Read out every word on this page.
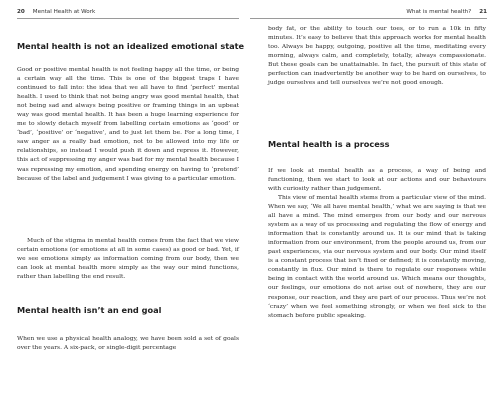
20 Mental Health at Work
Mental health is not an idealized emotional state

Good or positive mental health is not feeling happy all the time, or being a certain way all the time. This is one of the biggest traps I have continued to fall into: the idea that we all have to find ‘perfect’ mental health. I used to think that not being angry was good mental health, that not being sad and always being positive or framing things in an upbeat way was good mental health. It has been a huge learning experience for me to slowly detach myself from labelling certain emotions as ‘good’ or ‘bad’, ‘positive’ or ‘negative’, and to just let them be. For a long time, I saw anger as a really bad emotion, not to be allowed into my life or relationships, so instead I would push it down and repress it. However, this act of suppressing my anger was bad for my mental health because I was repressing my emotion, and spending energy on having to ‘pretend’ because of the label and judgement I was giving to a particular emotion.

Much of the stigma in mental health comes from the fact that we view certain emotions (or emotions at all in some cases) as good or bad. Yet, if we see emotions simply as information coming from our body, then we can look at mental health more simply as the way our mind functions, rather than labelling the end result.

Mental health isn’t an end goal

When we use a physical health analogy, we have been sold a set of goals over the years. A six-pack, or single-digit percentage

What is mental health? 21

body fat, or the ability to touch our toes, or to run a 10k in fifty minutes. It’s easy to believe that this approach works for mental health too. Always be happy, outgoing, positive all the time, meditating every morning, always calm, and completely, totally, always compassionate. But these goals can be unattainable. In fact, the pursuit of this state of perfection can inadvertently be another way to be hard on ourselves, to judge ourselves and tell ourselves we’re not good enough.

Mental health is a process

If we look at mental health as a process, a way of being and functioning, then we start to look at our actions and our behaviours with curiosity rather than judgement.

This view of mental health stems from a particular view of the mind. When we say, ‘We all have mental health,’ what we are saying is that we all have a mind. The mind emerges from our body and our nervous system as a way of us processing and regulating the flow of energy and information that is constantly around us. It is our mind that is taking information from our environment, from the people around us, from our past experiences, via our nervous system and our body. Our mind itself is a constant process that isn’t fixed or defined; it is constantly moving, constantly in flux. Our mind is there to regulate our responses while being in contact with the world around us. Which means our thoughts, our feelings, our emotions do not arise out of nowhere, they are our response, our reaction, and they are part of our process. Thus we’re not ‘crazy’ when we feel something strongly, or when we feel sick to the stomach before public speaking.
